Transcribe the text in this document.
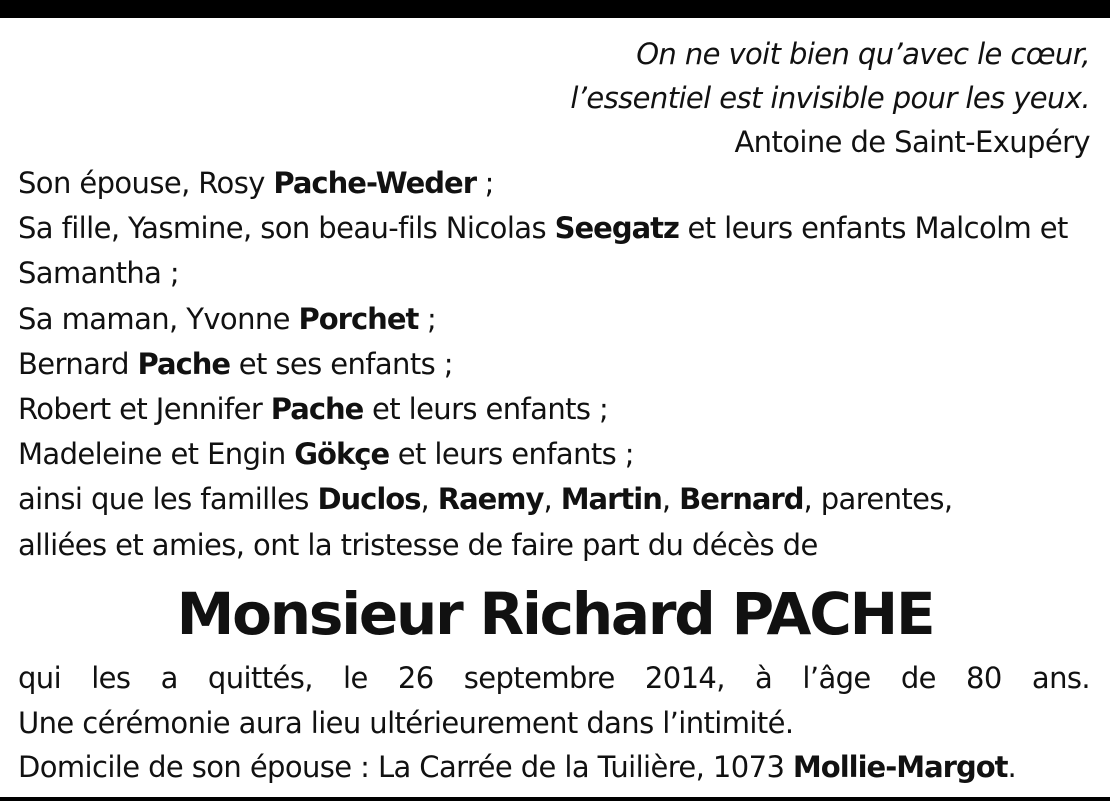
On ne voit bien qu’avec le cœur,
l’essentiel est invisible pour les yeux.
Antoine de Saint-Exupéry
Son épouse, Rosy Pache-Weder ;
Sa fille, Yasmine, son beau-fils Nicolas Seegatz et leurs enfants Malcolm et Samantha ;
Sa maman, Yvonne Porchet ;
Bernard Pache et ses enfants ;
Robert et Jennifer Pache et leurs enfants ;
Madeleine et Engin Gökçe et leurs enfants ;
ainsi que les familles Duclos, Raemy, Martin, Bernard, parentes,
alliées et amies, ont la tristesse de faire part du décès de
Monsieur Richard PACHE
qui les a quittés, le 26 septembre 2014, à l’âge de 80 ans.
Une cérémonie aura lieu ultérieurement dans l’intimité.
Domicile de son épouse : La Carrée de la Tuilière, 1073 Mollie-Margot.
